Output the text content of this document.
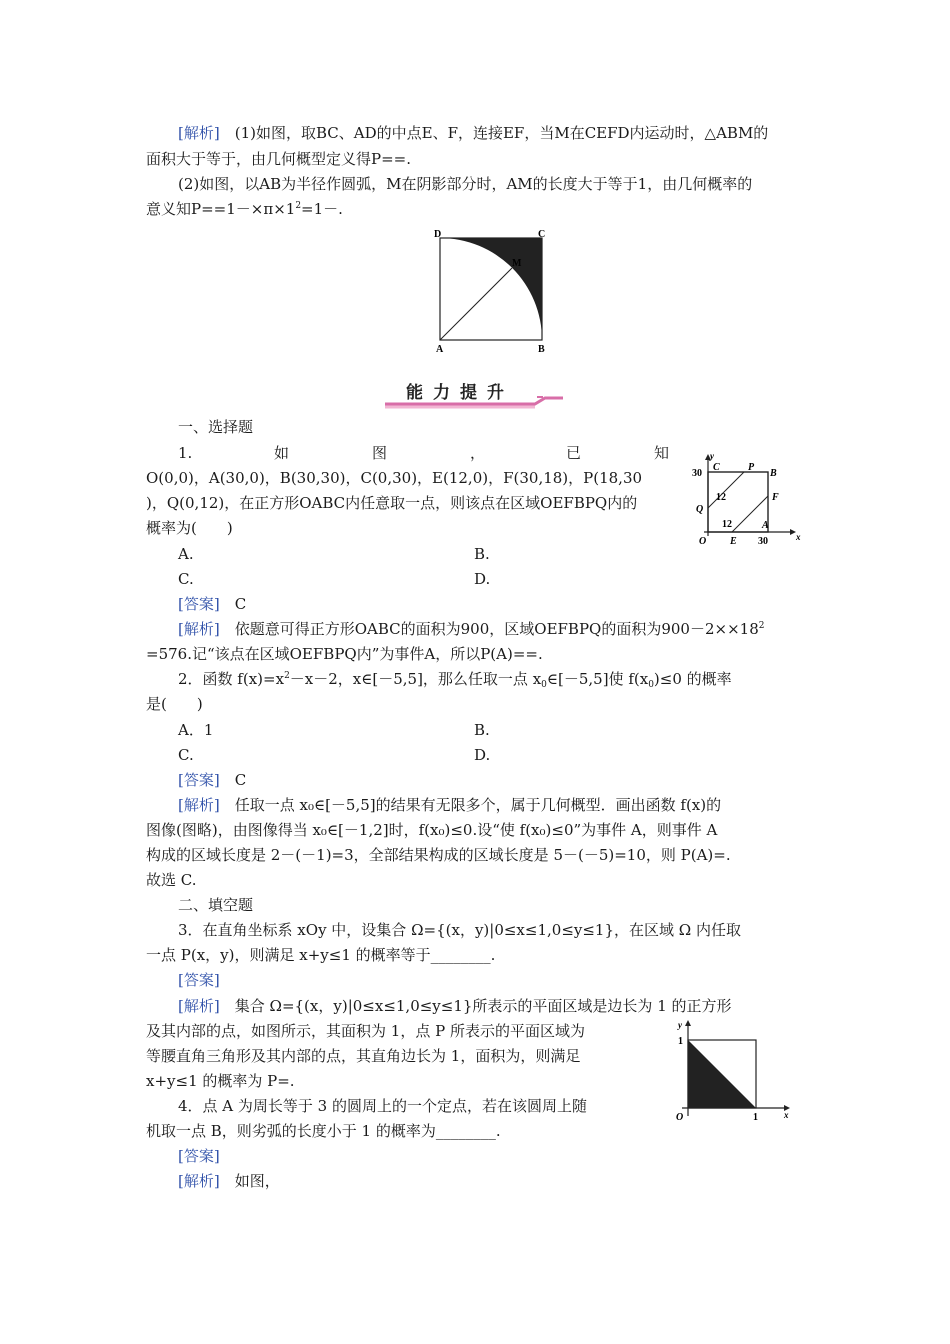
[解析]　 (1)如图，取BC、AD的中点E、F，连接EF，当M在CEFD内运动时，△ABM的
面积大于等于，由几何概型定义得P==.
(2)如图，以AB为半径作圆弧，M在阴影部分时，AM的长度大于等于1，由几何概率的
意义知$P==1-\times\pi\times 1^2=1-$.
D	C
M
A	B
能力提升
一、选择题
1.	如	图	，	已	知
O(0,0)，A(30,0)，B(30,30)，C(0,30)，E(12,0)，F(30,18)，P(18,30
)，Q(0,12)，在正方形OABC内任意取一点，则该点在区域OEFBPQ内的
概率为(　　)
A.	B.
C.	D.
[答案]　 C
[解析]　 依题意可得正方形OABC的面积为900，区域OEFBPQ的面积为$900-2\times\times 18^2$
=576.记“该点在区域OEFBPQ内”为事件A，所以P(A)==.
y
x
30
C	P
B
F
Q
A
O E 30
12
12
2．函数 $f(x)=x^2-x-2$，x∈[－5,5]，那么任取一点 $x_0\in[-5,5]$使 $f(x_0)\le 0$ 的概率
是(　　)
A．1	B.
C.	D.
[答案]　 C
[解析]　 任取一点 x₀∈[－5,5]的结果有无限多个，属于几何概型．画出函数 f(x)的
图像(图略)，由图像得当 x₀∈[－1,2]时，f(x₀)≤0.设“使 f(x₀)≤0”为事件 A，则事件 A
构成的区域长度是 2－(－1)=3，全部结果构成的区域长度是 5－(－5)=10，则 P(A)=.
故选 C.
二、填空题
3．在直角坐标系 xOy 中，设集合 Ω={(x，y)|0≤x≤1,0≤y≤1}，在区域 Ω 内任取
一点 P(x，y)，则满足 x+y≤1 的概率等于________.
[答案]
[解析]　 集合 Ω={(x，y)|0≤x≤1,0≤y≤1}所表示的平面区域是边长为 1 的正方形
及其内部的点，如图所示，其面积为 1，点 P 所表示的平面区域为
等腰直角三角形及其内部的点，其直角边长为 1，面积为，则满足
x+y≤1 的概率为 P=.
y
1
O	1	x
4．点 A 为周长等于 3 的圆周上的一个定点，若在该圆周上随
机取一点 B，则劣弧的长度小于 1 的概率为________.
[答案]
[解析]　 如图，
